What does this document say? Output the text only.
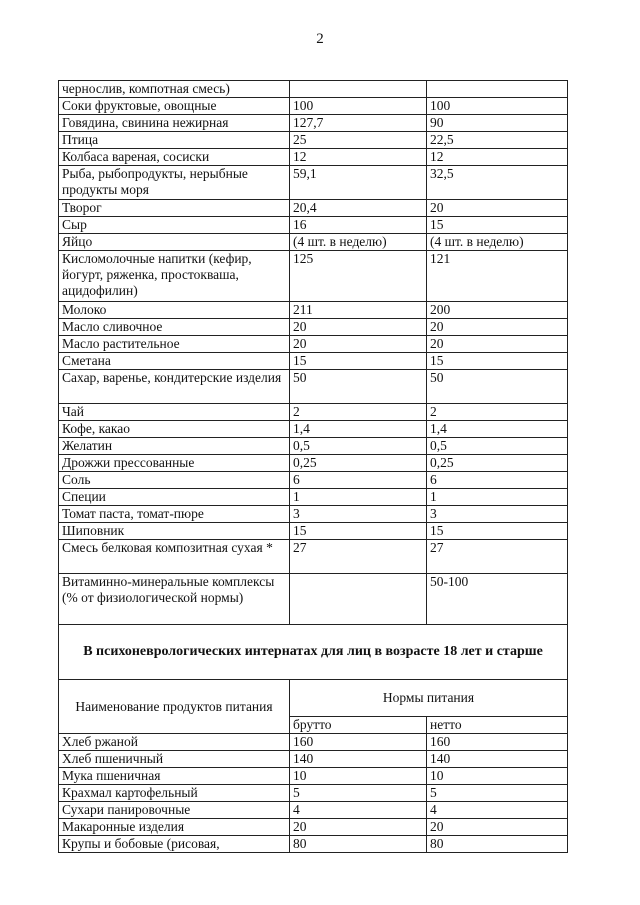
2
чернослив, компотная смесь)		
Соки фруктовые, овощные	100	100
Говядина, свинина нежирная	127,7	90
Птица	25	22,5
Колбаса вареная, сосиски	12	12
Рыба, рыбопродукты, нерыбные продукты моря	59,1	32,5
Творог	20,4	20
Сыр	16	15
Яйцо	(4 шт. в неделю)	(4 шт. в неделю)
Кисломолочные напитки (кефир, йогурт, ряженка, простокваша, ацидофилин)	125	121
Молоко	211	200
Масло сливочное	20	20
Масло растительное	20	20
Сметана	15	15
Сахар, варенье, кондитерские изделия	50	50
Чай	2	2
Кофе, какао	1,4	1,4
Желатин	0,5	0,5
Дрожжи прессованные	0,25	0,25
Соль	6	6
Специи	1	1
Томат паста, томат-пюре	3	3
Шиповник	15	15
Смесь белковая композитная сухая *	27	27
Витаминно-минеральные комплексы (% от физиологической нормы)		50-100
В психоневрологических интернатах для лиц в возрасте 18 лет и старше		
Наименование продуктов питания	Нормы питания	
	брутто	нетто
Хлеб ржаной	160	160
Хлеб пшеничный	140	140
Мука пшеничная	10	10
Крахмал картофельный	5	5
Сухари панировочные	4	4
Макаронные изделия	20	20
Крупы и бобовые (рисовая,	80	80
